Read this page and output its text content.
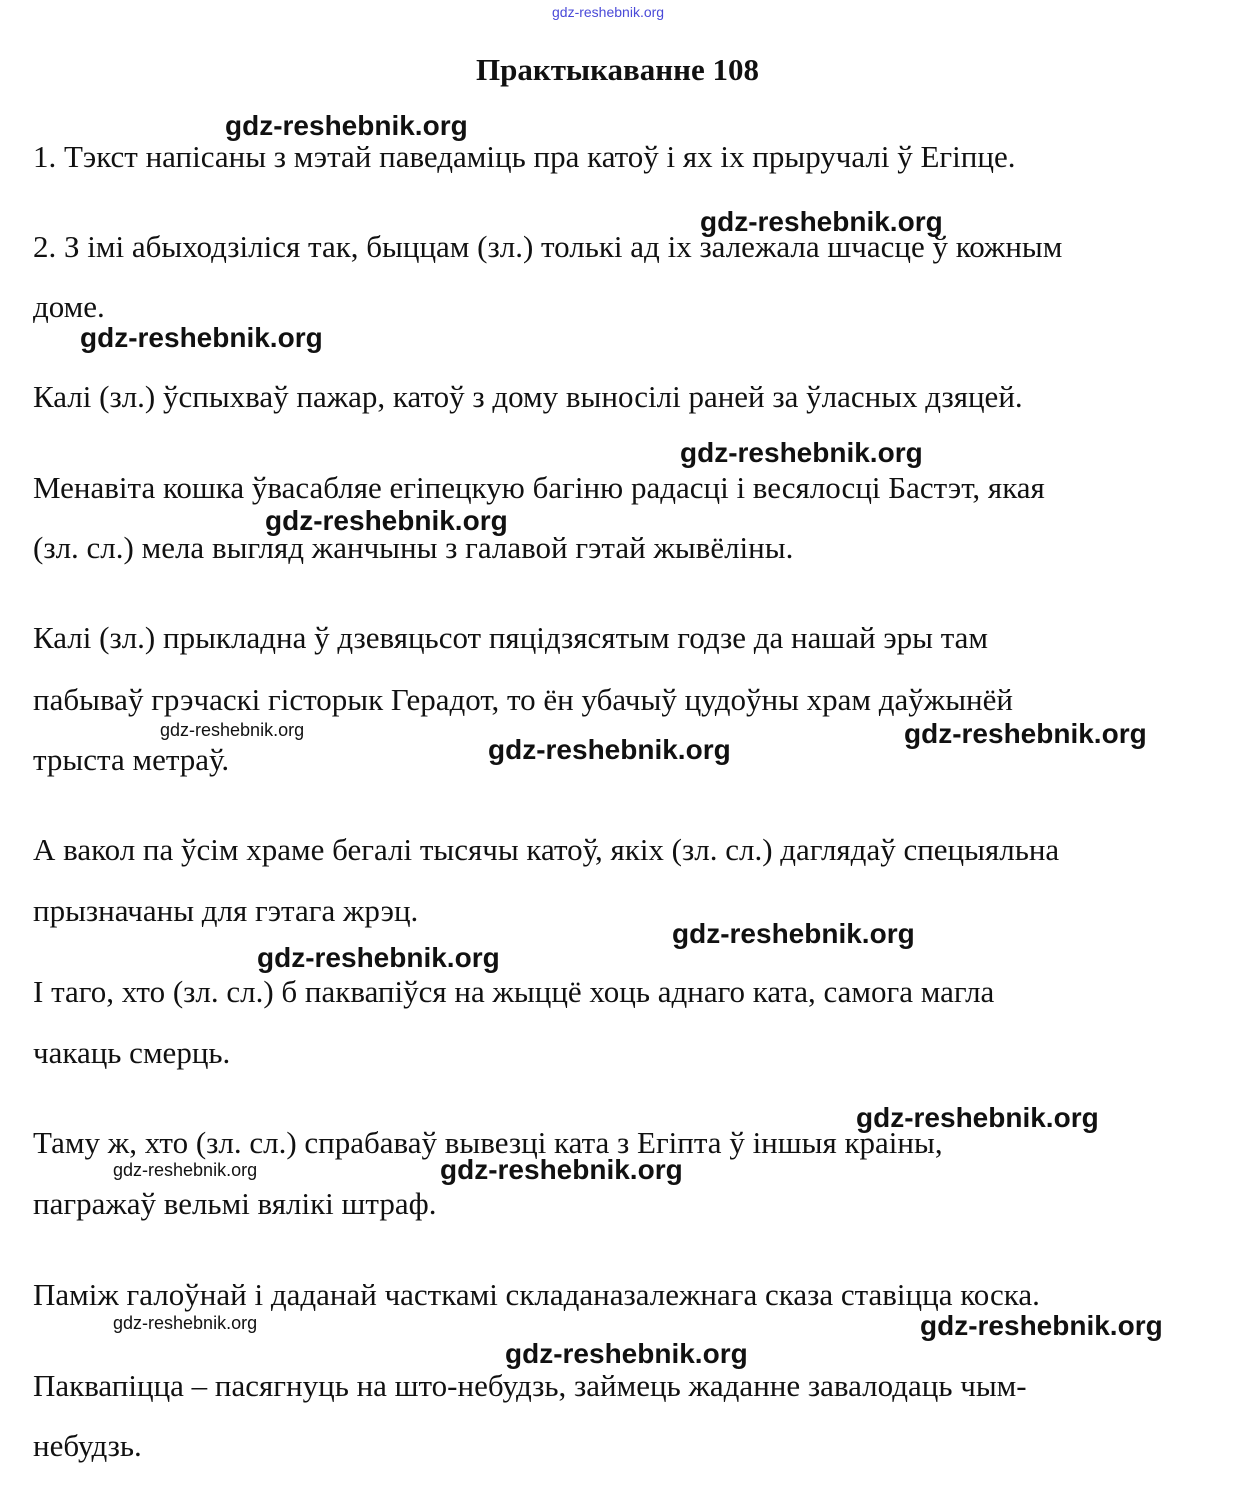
gdz-reshebnik.org
Практыкаванне 108
1. Тэкст напісаны з мэтай паведаміць пра катоў і ях іх прыручалі ў Егіпце.
2. З імі абыходзіліся так, быццам (зл.) толькі ад іх залежала шчасце ў кожным
доме.
Калі (зл.) ўспыхваў пажар, катоў з дому выносілі раней за ўласных дзяцей.
Менавіта кошка ўвасабляе егіпецкую багіню радасці і весялосці Бастэт, якая
(зл. сл.) мела выгляд жанчыны з галавой гэтай жывёліны.
Калі (зл.) прыкладна ў дзевяцьсот пяцідзясятым годзе да нашай эры там
пабываў грэчаскі гісторык Герадот, то ён убачыў цудоўны храм даўжынёй
трыста метраў.
А вакол па ўсім храме бегалі тысячы катоў, якіх (зл. сл.) даглядаў спецыяльна
прызначаны для гэтага жрэц.
І таго, хто (зл. сл.) б паквапіўся на жыццё хоць аднаго ката, самога магла
чакаць смерць.
Таму ж, хто (зл. сл.) спрабаваў вывезці ката з Егіпта ў іншыя краіны,
пагражаў вельмі вялікі штраф.
Паміж галоўнай і даданай часткамі складаназалежнага сказа ставіцца коска.
Паквапіцца – пасягнуць на што-небудзь, займець жаданне завалодаць чым-
небудзь.
gdz-reshebnik.org
gdz-reshebnik.org
gdz-reshebnik.org
gdz-reshebnik.org
gdz-reshebnik.org
gdz-reshebnik.org
gdz-reshebnik.org
gdz-reshebnik.org
gdz-reshebnik.org
gdz-reshebnik.org
gdz-reshebnik.org
gdz-reshebnik.org	gdz-reshebnik.org
gdz-reshebnik.org	gdz-reshebnik.org
gdz-reshebnik.org
